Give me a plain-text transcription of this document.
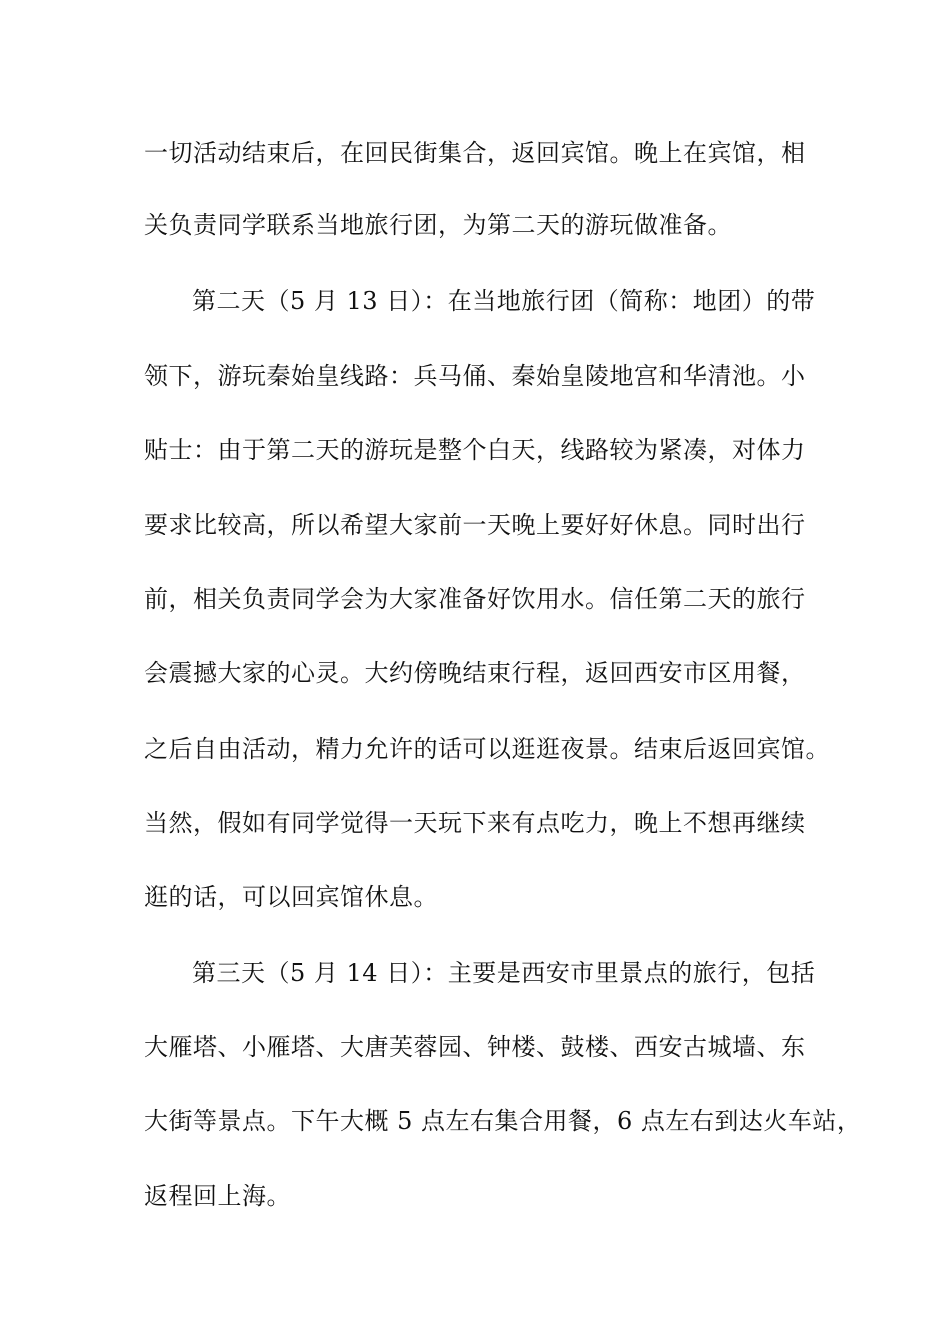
一切活动结束后，在回民街集合，返回宾馆。晚上在宾馆，相
关负责同学联系当地旅行团，为第二天的游玩做准备。
第二天（5 月 13 日）：在当地旅行团（简称：地团）的带
领下，游玩秦始皇线路：兵马俑、秦始皇陵地宫和华清池。小
贴士：由于第二天的游玩是整个白天，线路较为紧凑，对体力
要求比较高，所以希望大家前一天晚上要好好休息。同时出行
前，相关负责同学会为大家准备好饮用水。信任第二天的旅行
会震撼大家的心灵。大约傍晚结束行程，返回西安市区用餐，
之后自由活动，精力允许的话可以逛逛夜景。结束后返回宾馆。
当然，假如有同学觉得一天玩下来有点吃力，晚上不想再继续
逛的话，可以回宾馆休息。
第三天（5 月 14 日）：主要是西安市里景点的旅行，包括
大雁塔、小雁塔、大唐芙蓉园、钟楼、鼓楼、西安古城墙、东
大街等景点。下午大概 5 点左右集合用餐，6 点左右到达火车站，
返程回上海。
